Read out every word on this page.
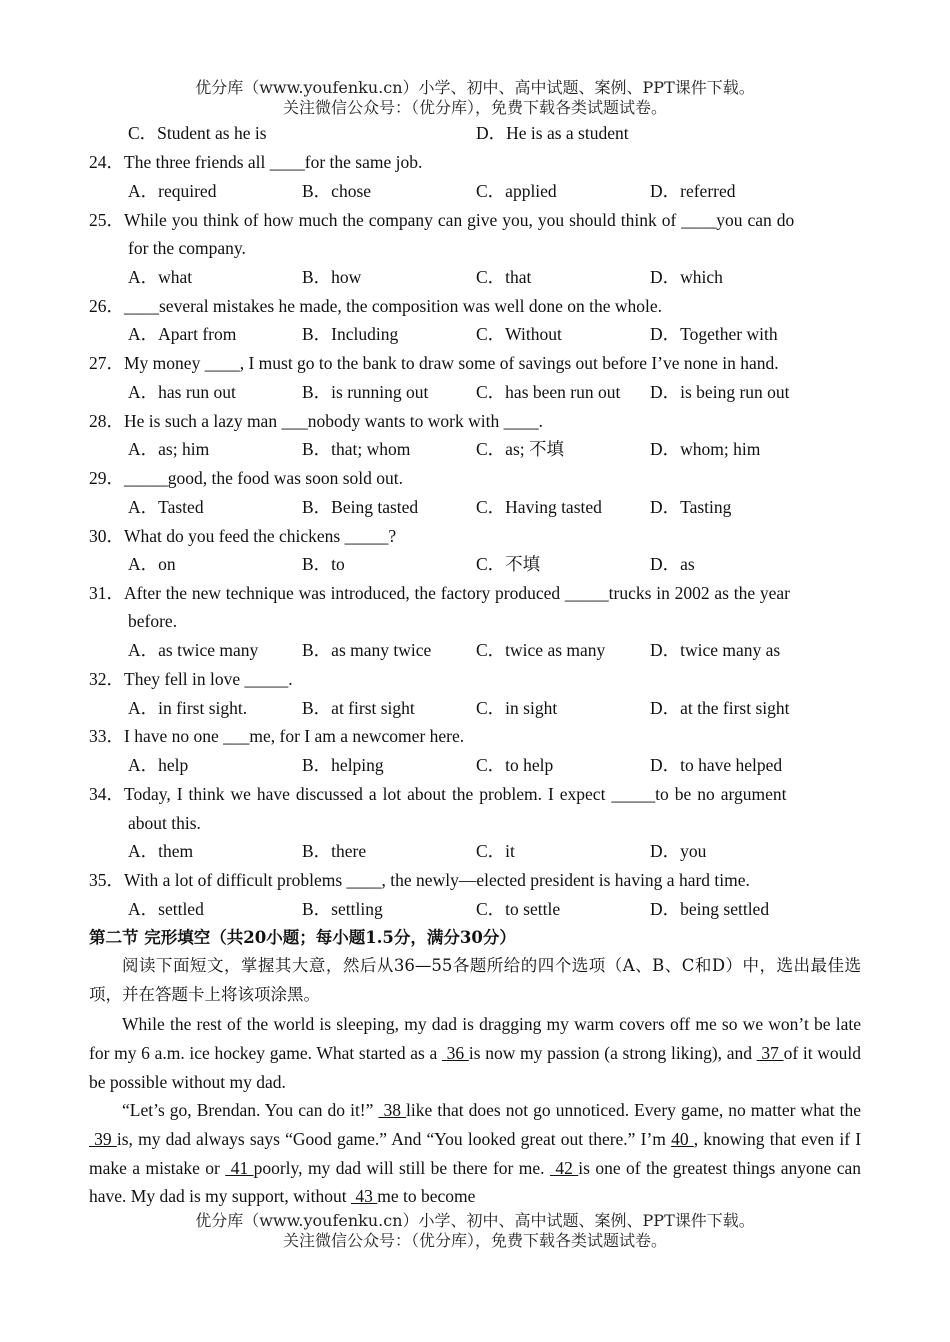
优分库（www.youfenku.cn）小学、初中、高中试题、案例、PPT课件下载。
关注微信公众号：（优分库），免费下载各类试题试卷。
C．Student as he is	D．He is as a student
24．The three friends all ____for the same job.
A．required	B．chose	C．applied	D．referred
25．While you think of how much the company can give you, you should think of ____you can do
for the company.
A．what	B．how	C．that	D．which
26．____several mistakes he made, the composition was well done on the whole.
A．Apart from	B．Including	C．Without	D．Together with
27．My money ____, I must go to the bank to draw some of savings out before I’ve none in hand.
A．has run out	B．is running out	C．has been run out D．is being run out
28．He is such a lazy man ___nobody wants to work with ____.
A．as; him	B．that; whom	C．as; 不填	D．whom; him
29．_____good, the food was soon sold out.
A．Tasted	B．Being tasted	C．Having tasted	D．Tasting
30．What do you feed the chickens _____?
A．on	B．to	C．不填	D．as
31．After the new technique was introduced, the factory produced _____trucks in 2002 as the year
before.
A．as twice many	B．as many twice	C．twice as many	D．twice many as
32．They fell in love _____.
A．in first sight.	B．at first sight	C．in sight	D．at the first sight
33．I have no one ___me, for I am a newcomer here.
A．help	B．helping	C．to help	D．to have helped
34．Today, I think we have discussed a lot about the problem. I expect _____to be no argument
about this.
A．them	B．there	C．it	D．you
35．With a lot of difficult problems ____, the newly—elected president is having a hard time.
A．settled	B．settling	C．to settle	D．being settled
第二节 完形填空（共20小题；每小题1.5分，满分30分）
阅读下面短文，掌握其大意，然后从36—55各题所给的四个选项（A、B、C和D）中，选出最佳选项，并在答题卡上将该项涂黑。
While the rest of the world is sleeping, my dad is dragging my warm covers off me so we won’t be late for my 6 a.m. ice hockey game. What started as a  36 is now my passion (a strong liking), and  37 of it would be possible without my dad.
“Let’s go, Brendan. You can do it!”  38 like that does not go unnoticed. Every game, no matter what the  39 is, my dad always says “Good game.” And “You looked great out there.” I’m 40 , knowing that even if I make a mistake or  41 poorly, my dad will still be there for me.  42 is one of the greatest things anyone can have. My dad is my support, without  43 me to become
优分库（www.youfenku.cn）小学、初中、高中试题、案例、PPT课件下载。
关注微信公众号：（优分库），免费下载各类试题试卷。
